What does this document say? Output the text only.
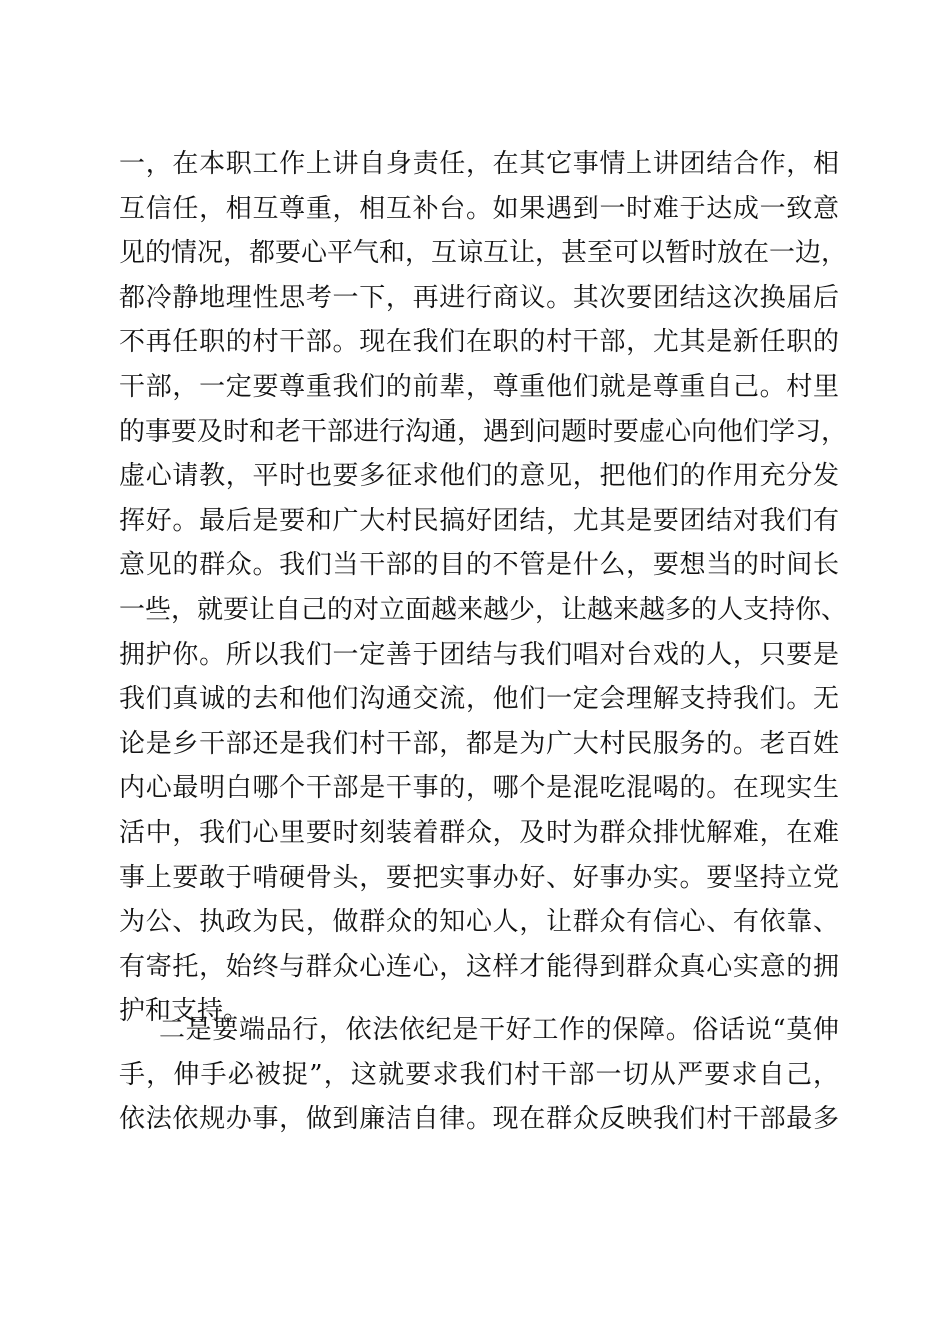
一，在本职工作上讲自身责任，在其它事情上讲团结合作，相
互信任，相互尊重，相互补台。如果遇到一时难于达成一致意
见的情况，都要心平气和，互谅互让，甚至可以暂时放在一边，
都冷静地理性思考一下，再进行商议。其次要团结这次换届后
不再任职的村干部。现在我们在职的村干部，尤其是新任职的
干部，一定要尊重我们的前辈，尊重他们就是尊重自己。村里
的事要及时和老干部进行沟通，遇到问题时要虚心向他们学习，
虚心请教，平时也要多征求他们的意见，把他们的作用充分发
挥好。最后是要和广大村民搞好团结，尤其是要团结对我们有
意见的群众。我们当干部的目的不管是什么，要想当的时间长
一些，就要让自己的对立面越来越少，让越来越多的人支持你、
拥护你。所以我们一定善于团结与我们唱对台戏的人，只要是
我们真诚的去和他们沟通交流，他们一定会理解支持我们。无
论是乡干部还是我们村干部，都是为广大村民服务的。老百姓
内心最明白哪个干部是干事的，哪个是混吃混喝的。在现实生
活中，我们心里要时刻装着群众，及时为群众排忧解难，在难
事上要敢于啃硬骨头，要把实事办好、好事办实。要坚持立党
为公、执政为民，做群众的知心人，让群众有信心、有依靠、
有寄托，始终与群众心连心，这样才能得到群众真心实意的拥
护和支持。
二是要端品行，依法依纪是干好工作的保障。俗话说“莫伸
手，伸手必被捉”，这就要求我们村干部一切从严要求自己，
依法依规办事，做到廉洁自律。现在群众反映我们村干部最多
